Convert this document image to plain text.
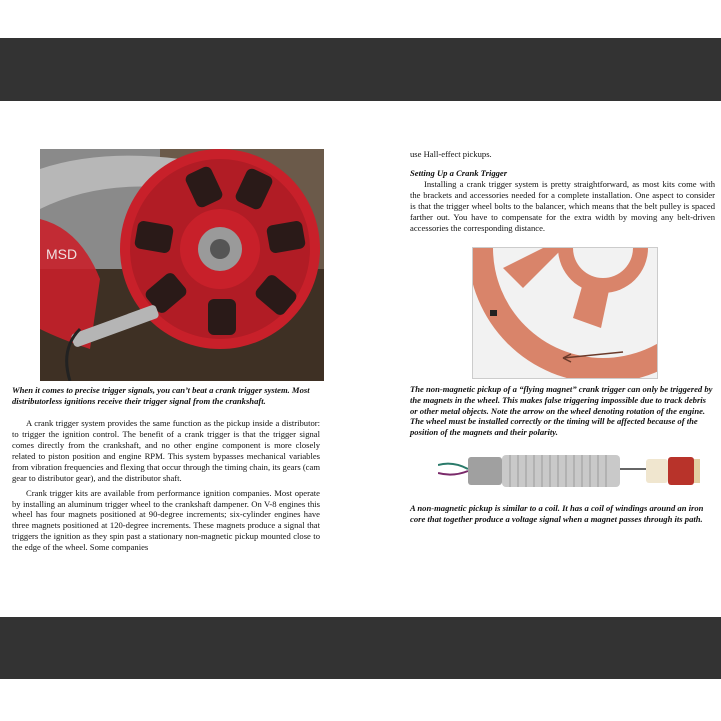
MSD

When it comes to precise trigger signals, you can’t beat a crank trigger system. Most distributorless ignitions receive their trigger signal from the crankshaft.

A crank trigger system provides the same function as the pickup inside a distributor: to trigger the ignition control. The benefit of a crank trigger is that the trigger signal comes directly from the crankshaft, and no other engine component is more closely related to piston position and engine RPM. This system bypasses mechanical variables from vibration frequencies and flexing that occur through the timing chain, its gears (cam gear to distributor gear), and the distributor shaft.

Crank trigger kits are available from performance ignition companies. Most operate by installing an aluminum trigger wheel to the crankshaft dampener. On V-8 engines this wheel has four magnets positioned at 90-degree increments; six-cylinder engines have three magnets positioned at 120-degree increments. These magnets produce a signal that triggers the ignition as they spin past a stationary non-magnetic pickup mounted close to the edge of the wheel. Some companies

use Hall-effect pickups.

Setting Up a Crank Trigger

Installing a crank trigger system is pretty straightforward, as most kits come with the brackets and accessories needed for a complete installation. One aspect to consider is that the trigger wheel bolts to the balancer, which means that the belt pulley is spaced farther out. You have to compensate for the extra width by moving any belt-driven accessories the corresponding distance.

The non-magnetic pickup of a “flying magnet” crank trigger can only be triggered by the magnets in the wheel. This makes false triggering impossible due to track debris or other metal objects. Note the arrow on the wheel denoting rotation of the engine. The wheel must be installed correctly or the timing will be affected because of the position of the magnets and their polarity.

A non-magnetic pickup is similar to a coil. It has a coil of windings around an iron core that together produce a voltage signal when a magnet passes through its path.
